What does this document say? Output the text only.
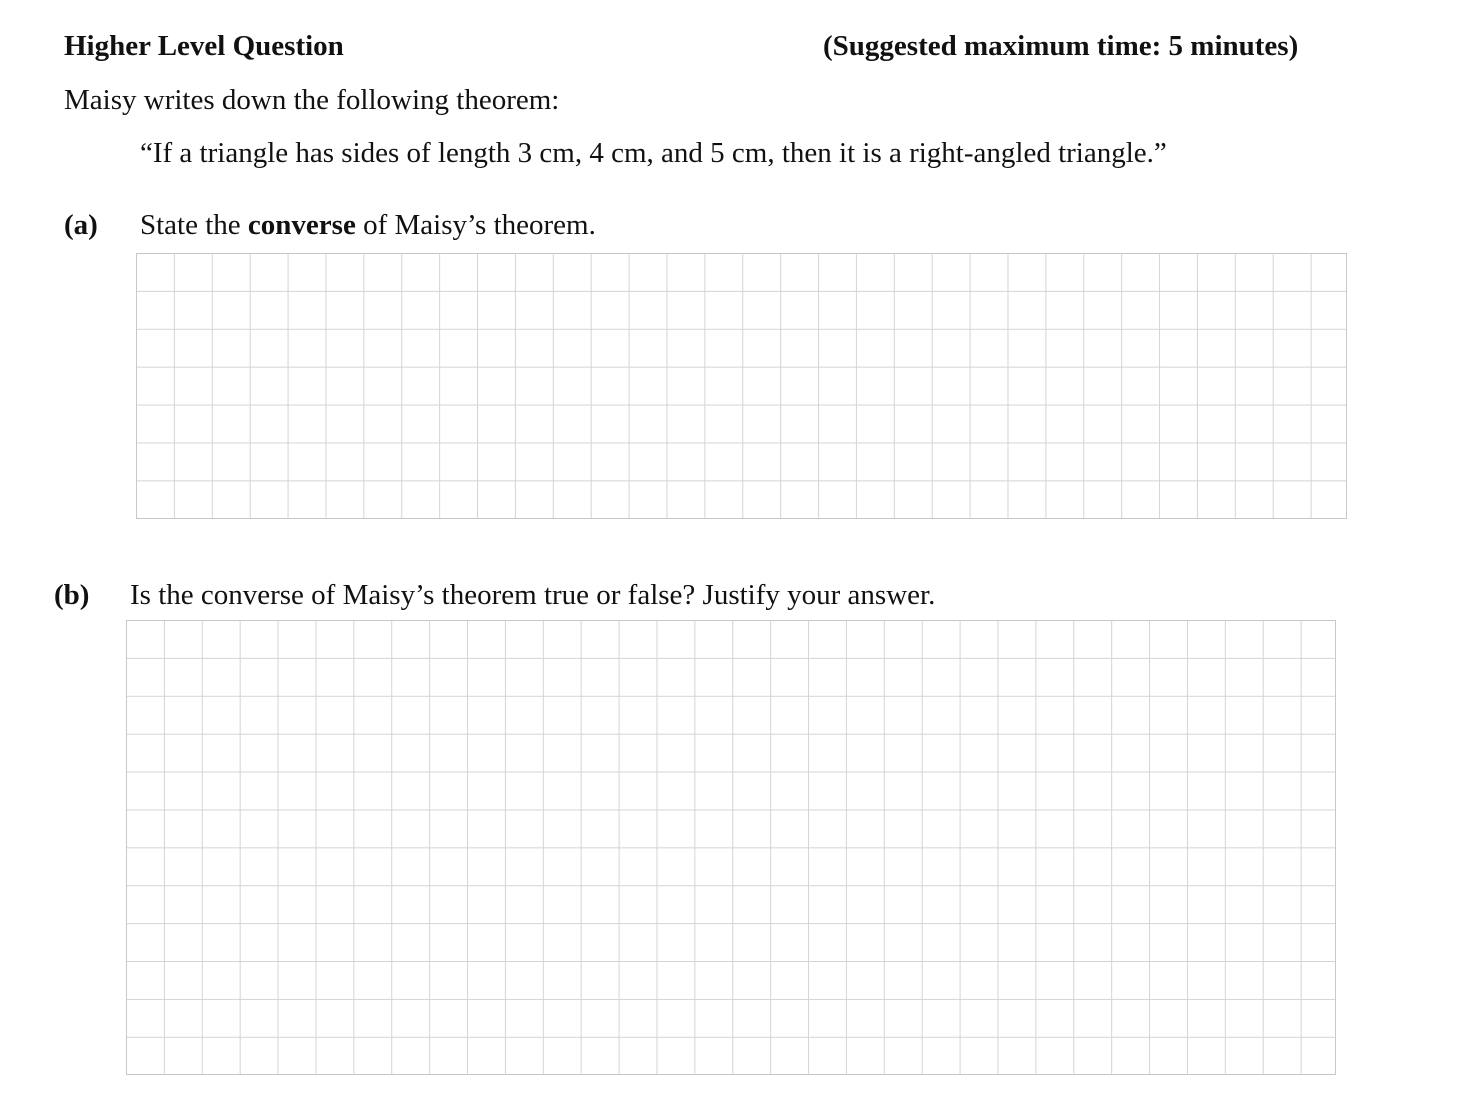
Higher Level Question	(Suggested maximum time: 5 minutes)
Maisy writes down the following theorem:
“If a triangle has sides of length 3 cm, 4 cm, and 5 cm, then it is a right-angled triangle.”
(a) State the converse of Maisy’s theorem.
(b) Is the converse of Maisy’s theorem true or false? Justify your answer.
